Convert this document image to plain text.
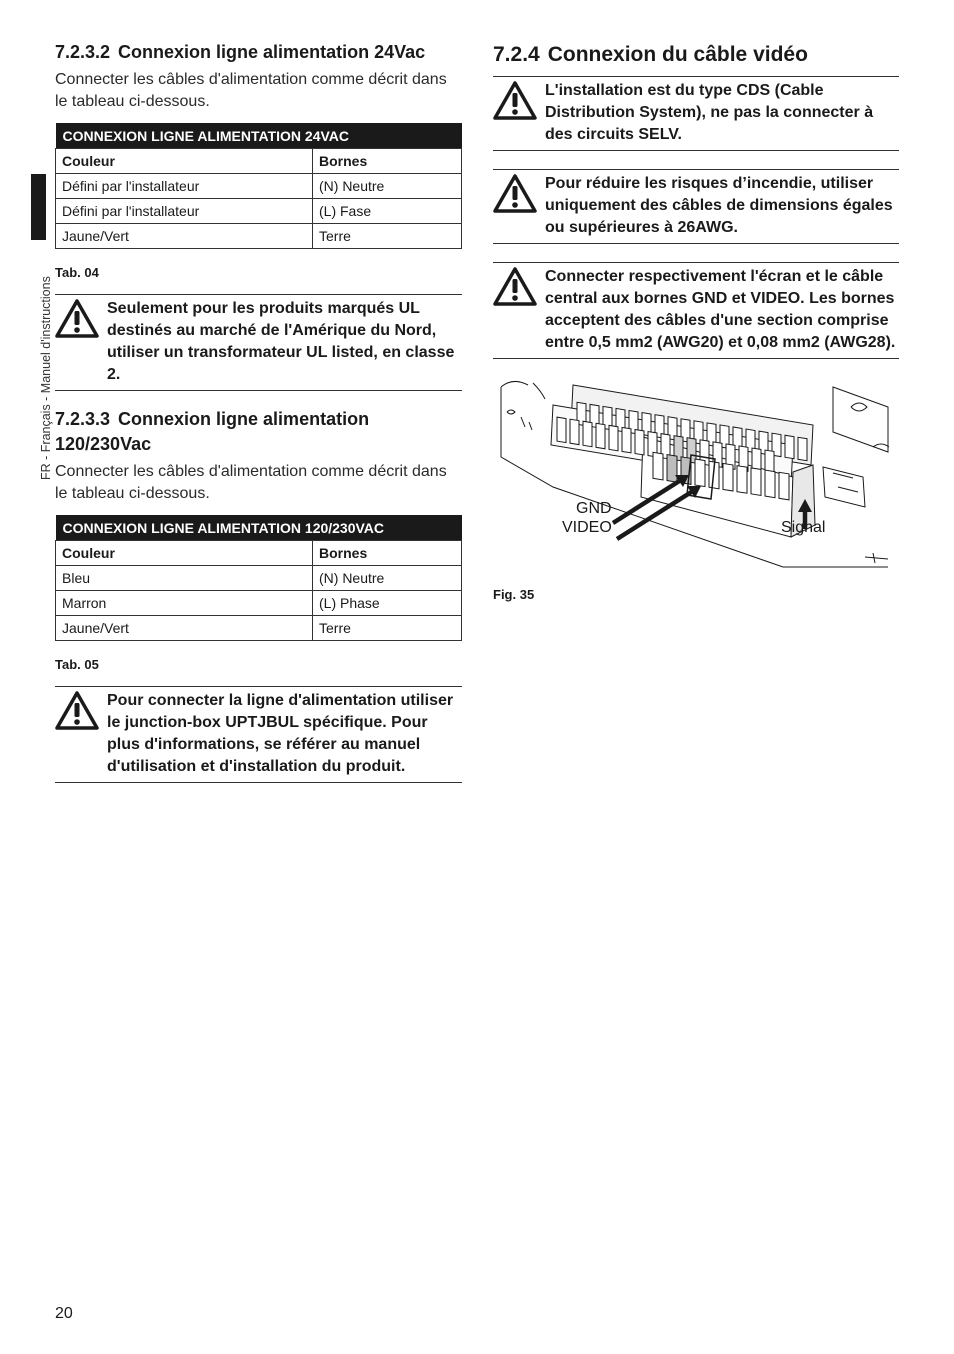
FR - Français - Manuel d'instructions
7.2.3.2 Connexion ligne alimentation 24Vac

Connecter les câbles d'alimentation comme décrit dans le tableau ci-dessous.

CONNEXION LIGNE ALIMENTATION 24VAC	
Couleur	Bornes
Défini par l'installateur	(N) Neutre
Défini par l'installateur	(L) Fase
Jaune/Vert	Terre
Tab. 04
Seulement pour les produits marqués UL destinés au marché de l'Amérique du Nord, utiliser un transformateur UL listed, en classe 2.
7.2.3.3 Connexion ligne alimentation 120/230Vac

Connecter les câbles d'alimentation comme décrit dans le tableau ci-dessous.

CONNEXION LIGNE ALIMENTATION 120/230VAC	
Couleur	Bornes
Bleu	(N) Neutre
Marron	(L) Phase
Jaune/Vert	Terre
Tab. 05
Pour connecter la ligne d'alimentation utiliser le junction-box UPTJBUL spécifique. Pour plus d'informations, se référer au manuel d'utilisation et d'installation du produit.
7.2.4 Connexion du câble vidéo
L'installation est du type CDS (Cable Distribution System), ne pas la connecter à des circuits SELV.
Pour réduire les risques d’incendie, utiliser uniquement des câbles de dimensions égales ou supérieures à 26AWG.
Connecter respectivement l'écran et le câble central aux bornes GND et VIDEO. Les bornes acceptent des câbles d'une section comprise entre 0,5 mm2 (AWG20) et 0,08 mm2 (AWG28).
GND
VIDEO	Signal
Fig. 35
20
